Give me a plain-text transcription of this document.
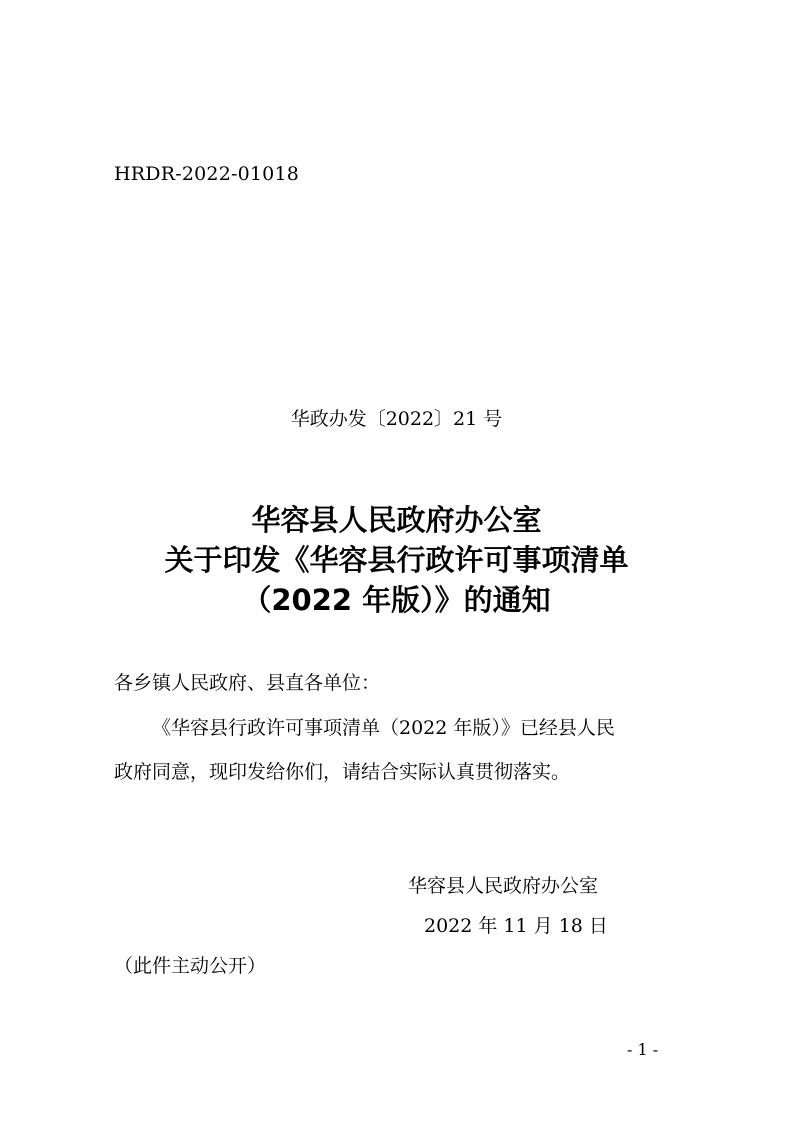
HRDR-2022-01018
华政办发〔2022〕21 号
华容县人民政府办公室
关于印发《华容县行政许可事项清单
（2022 年版）》的通知
各乡镇人民政府、县直各单位：
《华容县行政许可事项清单（2022 年版）》已经县人民
政府同意，现印发给你们，请结合实际认真贯彻落实。
华容县人民政府办公室
2022 年 11 月 18 日
（此件主动公开）
- 1 -
